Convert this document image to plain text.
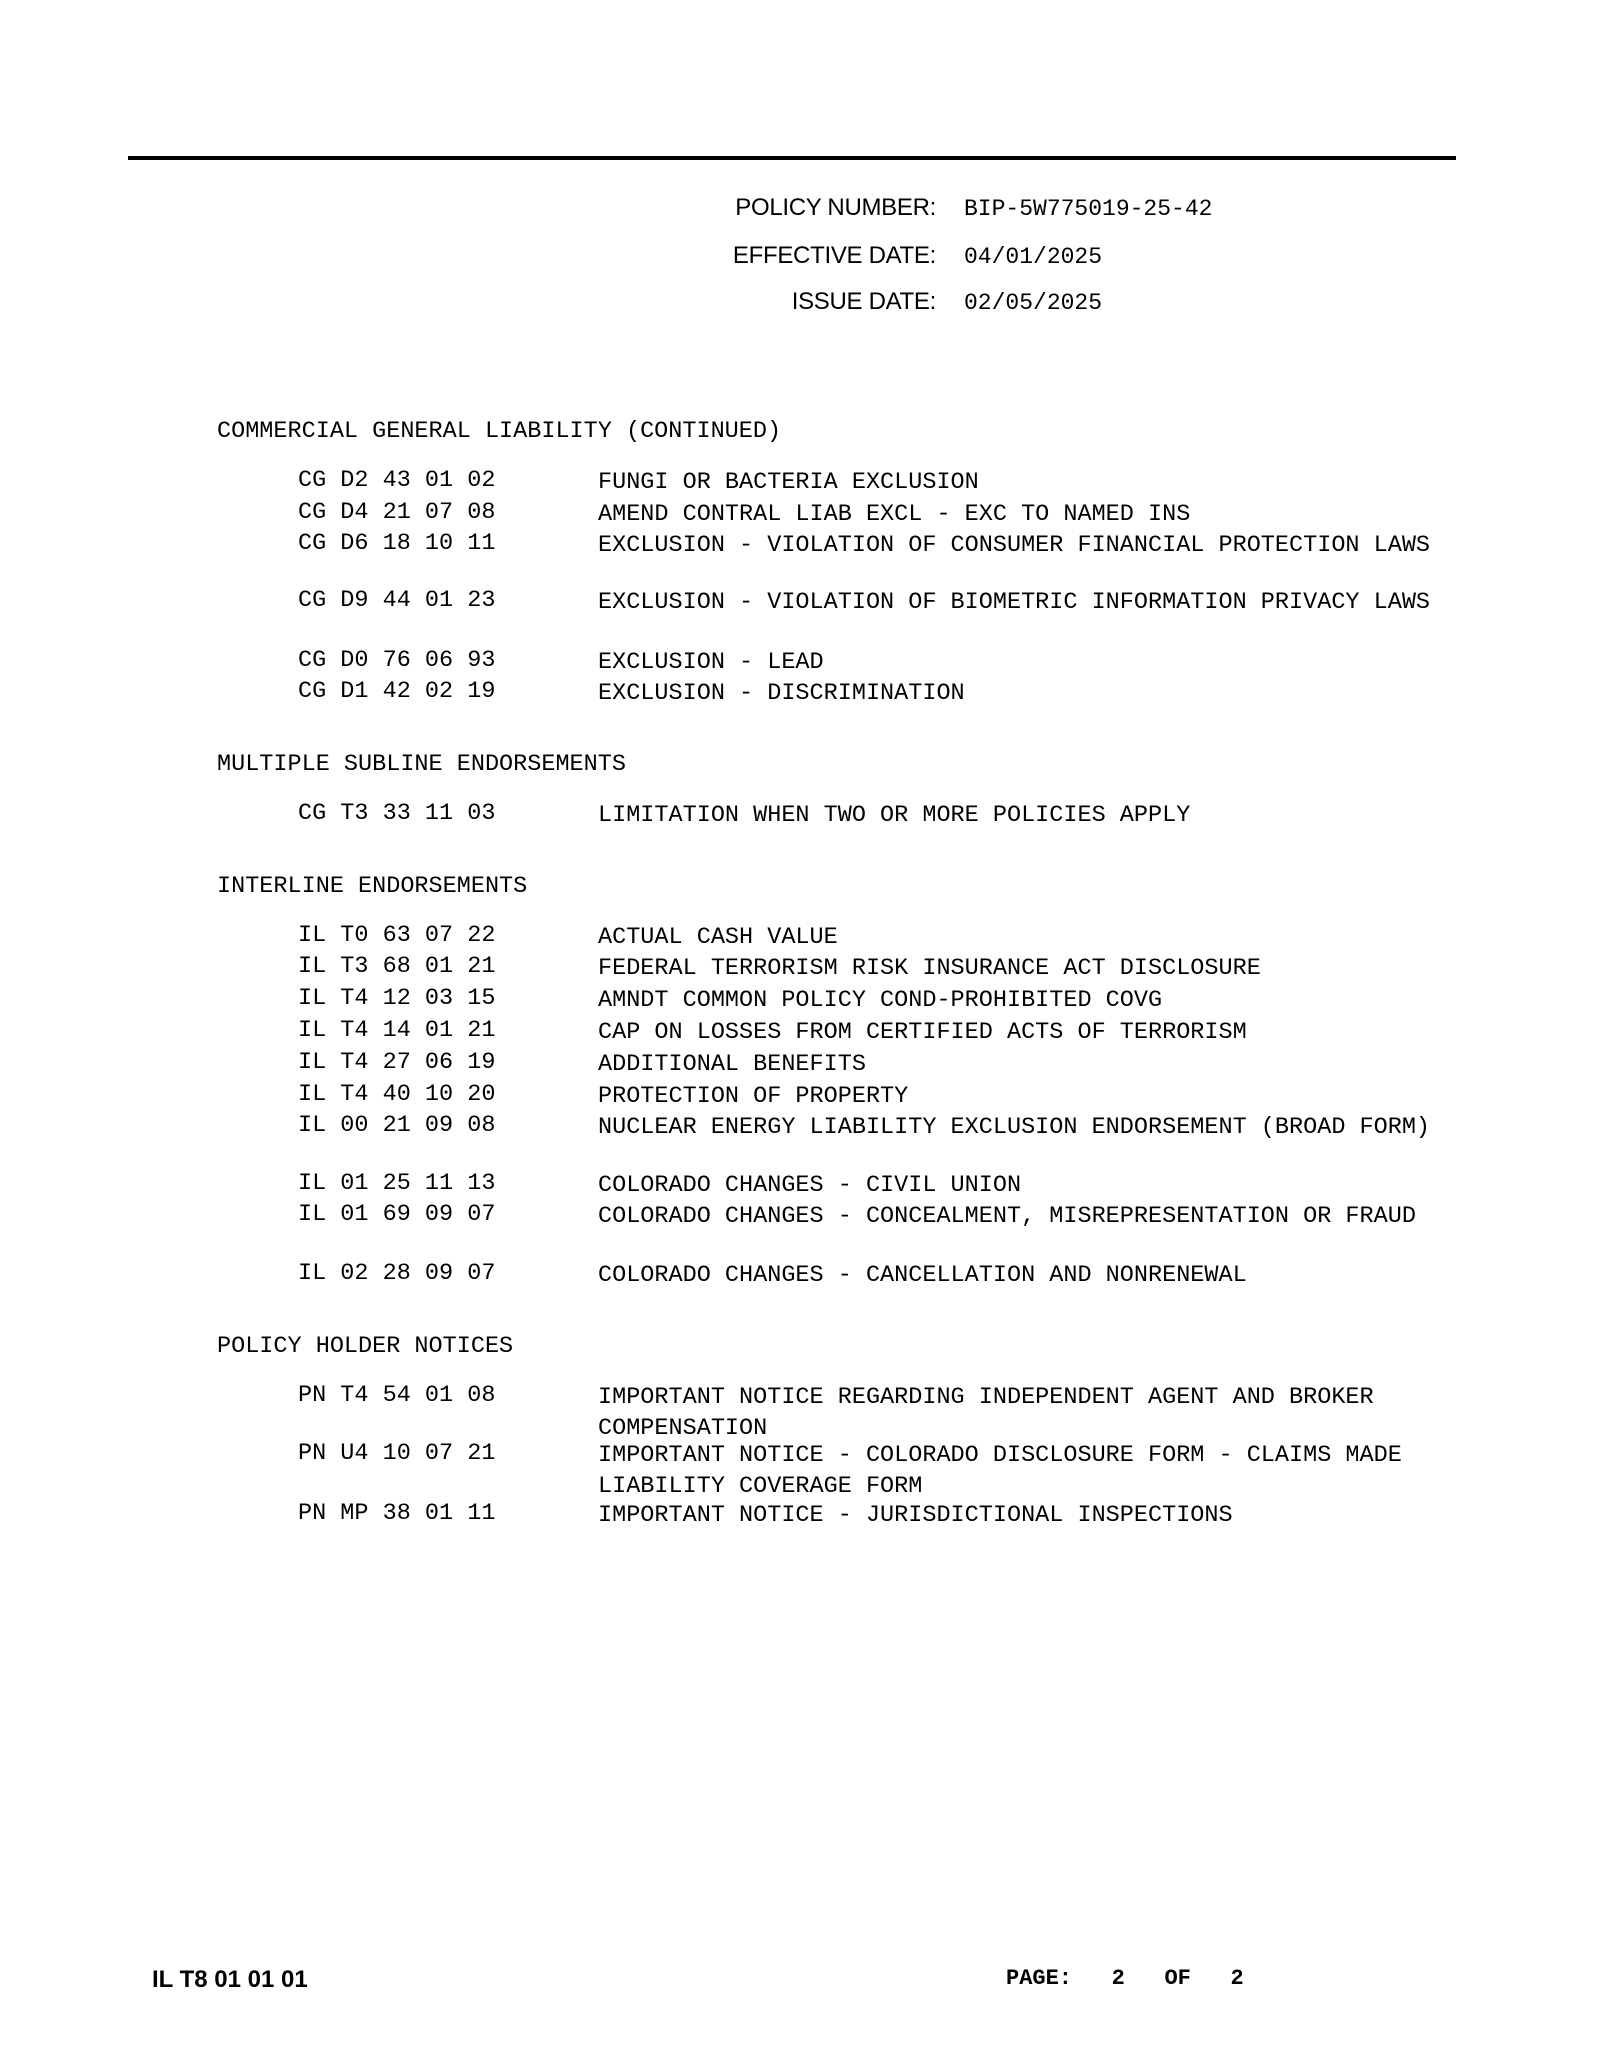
POLICY NUMBER: BIP-5W775019-25-42
EFFECTIVE DATE: 04/01/2025
ISSUE DATE: 02/05/2025
COMMERCIAL GENERAL LIABILITY (CONTINUED)
CG D2 43 01 02	FUNGI OR BACTERIA EXCLUSION
CG D4 21 07 08	AMEND CONTRAL LIAB EXCL - EXC TO NAMED INS
CG D6 18 10 11	EXCLUSION - VIOLATION OF CONSUMER FINANCIAL PROTECTION LAWS
CG D9 44 01 23	EXCLUSION - VIOLATION OF BIOMETRIC INFORMATION PRIVACY LAWS
CG D0 76 06 93	EXCLUSION - LEAD
CG D1 42 02 19	EXCLUSION - DISCRIMINATION
MULTIPLE SUBLINE ENDORSEMENTS
CG T3 33 11 03	LIMITATION WHEN TWO OR MORE POLICIES APPLY
INTERLINE ENDORSEMENTS
IL T0 63 07 22	ACTUAL CASH VALUE
IL T3 68 01 21	FEDERAL TERRORISM RISK INSURANCE ACT DISCLOSURE
IL T4 12 03 15	AMNDT COMMON POLICY COND-PROHIBITED COVG
IL T4 14 01 21	CAP ON LOSSES FROM CERTIFIED ACTS OF TERRORISM
IL T4 27 06 19	ADDITIONAL BENEFITS
IL T4 40 10 20	PROTECTION OF PROPERTY
IL 00 21 09 08	NUCLEAR ENERGY LIABILITY EXCLUSION ENDORSEMENT (BROAD FORM)
IL 01 25 11 13	COLORADO CHANGES - CIVIL UNION
IL 01 69 09 07	COLORADO CHANGES - CONCEALMENT, MISREPRESENTATION OR FRAUD
IL 02 28 09 07	COLORADO CHANGES - CANCELLATION AND NONRENEWAL
POLICY HOLDER NOTICES
PN T4 54 01 08	IMPORTANT NOTICE REGARDING INDEPENDENT AGENT AND BROKER COMPENSATION
PN U4 10 07 21	IMPORTANT NOTICE - COLORADO DISCLOSURE FORM - CLAIMS MADE LIABILITY COVERAGE FORM
PN MP 38 01 11	IMPORTANT NOTICE - JURISDICTIONAL INSPECTIONS
IL T8 01 01 01	PAGE: 2 OF 2
